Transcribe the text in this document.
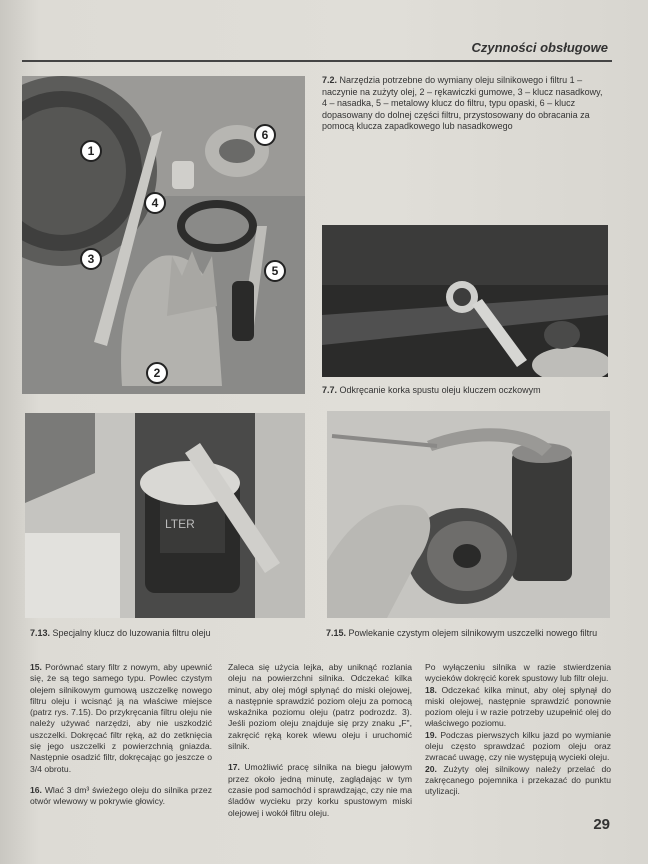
Czynności obsługowe
1
2
3
4
5
6
7.2. Narzędzia potrzebne do wymiany oleju silnikowego i filtru 1 – naczynie na zużyty olej, 2 – rękawiczki gumowe, 3 – klucz nasadkowy, 4 – nasadka, 5 – metalowy klucz do filtru, typu opaski, 6 – klucz dopasowany do dolnej części filtru, przystosowany do obracania za pomocą klucza zapadkowego lub nasadkowego
7.7. Odkręcanie korka spustu oleju kluczem oczkowym
LTER
7.13. Specjalny klucz do luzowania filtru oleju	7.15. Powlekanie czystym olejem silnikowym uszczelki nowego filtru

15. Porównać stary filtr z nowym, aby upewnić się, że są tego samego typu. Powlec czystym olejem silnikowym gumową uszczelkę nowego filtru oleju i wcisnąć ją na właściwe miejsce (patrz rys. 7.15). Do przykręcania filtru oleju nie należy używać narzędzi, aby nie uszkodzić uszczelki. Dokręcać filtr ręką, aż do zetknięcia się jego uszczelki z powierzchnią gniazda. Następnie osadzić filtr, dokręcając go jeszcze o 3/4 obrotu.

16. Wlać 3 dm³ świeżego oleju do silnika przez otwór wlewowy w pokrywie głowicy.

Zaleca się użycia lejka, aby uniknąć rozlania oleju na powierzchni silnika. Odczekać kilka minut, aby olej mógł spłynąć do miski olejowej, a następnie sprawdzić poziom oleju za pomocą wskaźnika poziomu oleju (patrz podrozdz. 3). Jeśli poziom oleju znajduje się przy znaku „F", zakręcić ręką korek wlewu oleju i uruchomić silnik.

17. Umożliwić pracę silnika na biegu jałowym przez około jedną minutę, zaglądając w tym czasie pod samochód i sprawdzając, czy nie ma śladów wycieku przy korku spustowym miski olejowej i wokół filtru oleju.

Po wyłączeniu silnika w razie stwierdzenia wycieków dokręcić korek spustowy lub filtr oleju.

18. Odczekać kilka minut, aby olej spłynął do miski olejowej, następnie sprawdzić ponownie poziom oleju i w razie potrzeby uzupełnić olej do właściwego poziomu.

19. Podczas pierwszych kilku jazd po wymianie oleju często sprawdzać poziom oleju oraz zwracać uwagę, czy nie występują wycieki oleju.

20. Zużyty olej silnikowy należy przelać do zakręcanego pojemnika i przekazać do punktu utylizacji.

29
